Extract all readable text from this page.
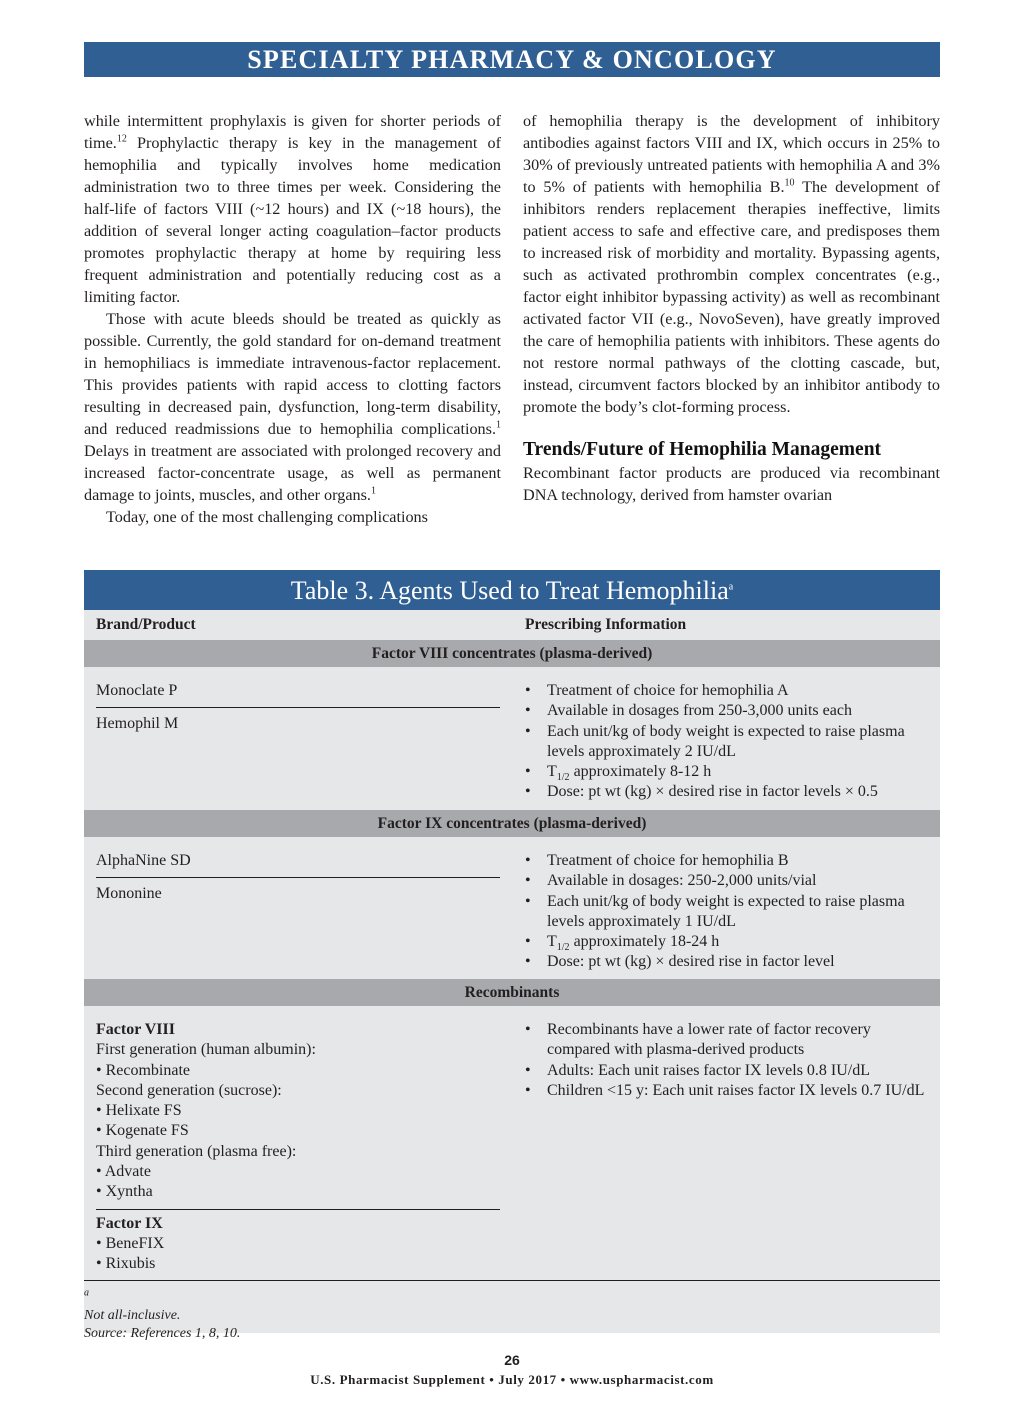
SPECIALTY PHARMACY & ONCOLOGY

while intermittent prophylaxis is given for shorter periods of time.$^{12}$ Prophylactic therapy is key in the management of hemophilia and typically involves home medication administration two to three times per week. Considering the half-life of factors VIII (~12 hours) and IX (~18 hours), the addition of several longer acting coagulation–factor products promotes prophylactic therapy at home by requiring less frequent administration and potentially reducing cost as a limiting factor.

Those with acute bleeds should be treated as quickly as possible. Currently, the gold standard for on-demand treatment in hemophiliacs is immediate intravenous-factor replacement. This provides patients with rapid access to clotting factors resulting in decreased pain, dysfunction, long-term disability, and reduced readmissions due to hemophilia complications.$^1$ Delays in treatment are associated with prolonged recovery and increased factor-concentrate usage, as well as permanent damage to joints, muscles, and other organs.$^1$

Today, one of the most challenging complications

of hemophilia therapy is the development of inhibitory antibodies against factors VIII and IX, which occurs in 25% to 30% of previously untreated patients with hemophilia A and 3% to 5% of patients with hemophilia B.$^{10}$ The development of inhibitors renders replacement therapies ineffective, limits patient access to safe and effective care, and predisposes them to increased risk of morbidity and mortality. Bypassing agents, such as activated prothrombin complex concentrates (e.g., factor eight inhibitor bypassing activity) as well as recombinant activated factor VII (e.g., NovoSeven), have greatly improved the care of hemophilia patients with inhibitors. These agents do not restore normal pathways of the clotting cascade, but, instead, circumvent factors blocked by an inhibitor antibody to promote the body’s clot-forming process.

Trends/Future of Hemophilia Management

Recombinant factor products are produced via recombinant DNA technology, derived from hamster ovarian

Table 3. Agents Used to Treat Hemophilia$^a$
Brand/Product	Prescribing Information
Factor VIII concentrates (plasma-derived)
Monoclate P
Hemophil M
• Treatment of choice for hemophilia A
• Available in dosages from 250-3,000 units each
• Each unit/kg of body weight is expected to raise plasma levels approximately 2 IU/dL
• $T_{1/2}$ approximately 8-12 h
• Dose: pt wt (kg) × desired rise in factor levels × 0.5
Factor IX concentrates (plasma-derived)
AlphaNine SD
Mononine
• Treatment of choice for hemophilia B
• Available in dosages: 250-2,000 units/vial
• Each unit/kg of body weight is expected to raise plasma levels approximately 1 IU/dL
• $T_{1/2}$ approximately 18-24 h
• Dose: pt wt (kg) × desired rise in factor level
Recombinants
Factor VIII
First generation (human albumin):
• Recombinate
Second generation (sucrose):
• Helixate FS
• Kogenate FS
Third generation (plasma free):
• Advate
• Xyntha
Factor IX
• BeneFIX
• Rixubis
• Recombinants have a lower rate of factor recovery compared with plasma-derived products
• Adults: Each unit raises factor IX levels 0.8 IU/dL
• Children <15 y: Each unit raises factor IX levels 0.7 IU/dL
$^a$
Not all-inclusive.
Source: References 1, 8, 10.
26
U.S. Pharmacist Supplement • July 2017 • www.uspharmacist.com
